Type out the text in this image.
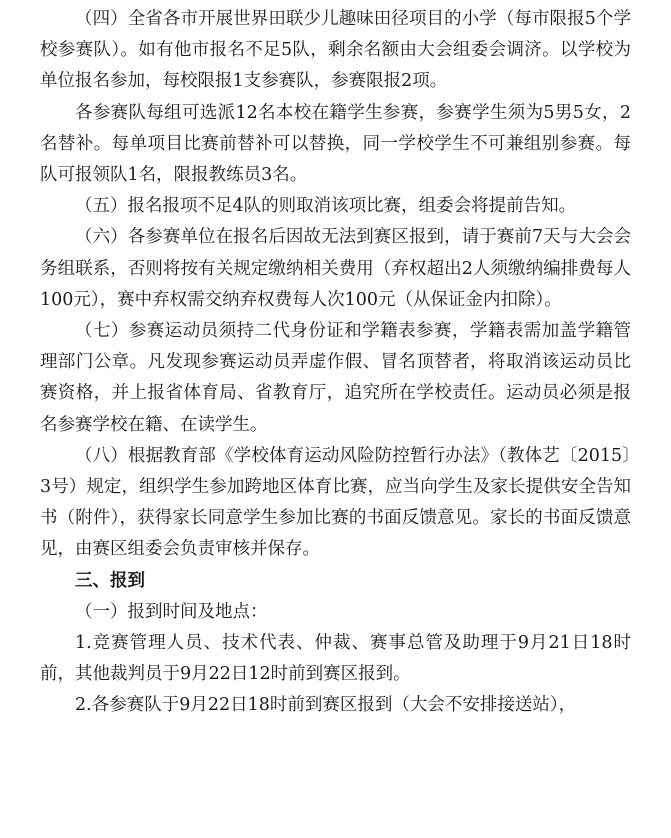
（四）全省各市开展世界田联少儿趣味田径项目的小学（每市限报5个学校参赛队）。如有他市报名不足5队，剩余名额由大会组委会调济。以学校为单位报名参加，每校限报1支参赛队，参赛限报2项。

各参赛队每组可选派12名本校在籍学生参赛，参赛学生须为5男5女，2名替补。每单项目比赛前替补可以替换，同一学校学生不可兼组别参赛。每队可报领队1名，限报教练员3名。

（五）报名报项不足4队的则取消该项比赛，组委会将提前告知。

（六）各参赛单位在报名后因故无法到赛区报到，请于赛前7天与大会会务组联系，否则将按有关规定缴纳相关费用（弃权超出2人须缴纳编排费每人100元），赛中弃权需交纳弃权费每人次100元（从保证金内扣除）。

（七）参赛运动员须持二代身份证和学籍表参赛，学籍表需加盖学籍管理部门公章。凡发现参赛运动员弄虚作假、冒名顶替者，将取消该运动员比赛资格，并上报省体育局、省教育厅，追究所在学校责任。运动员必须是报名参赛学校在籍、在读学生。

（八）根据教育部《学校体育运动风险防控暂行办法》（教体艺〔2015〕3号）规定，组织学生参加跨地区体育比赛，应当向学生及家长提供安全告知书（附件），获得家长同意学生参加比赛的书面反馈意见。家长的书面反馈意见，由赛区组委会负责审核并保存。

三、报到

（一）报到时间及地点：

1.竞赛管理人员、技术代表、仲裁、赛事总管及助理于9月21日18时前，其他裁判员于9月22日12时前到赛区报到。

2.各参赛队于9月22日18时前到赛区报到（大会不安排接送站），
